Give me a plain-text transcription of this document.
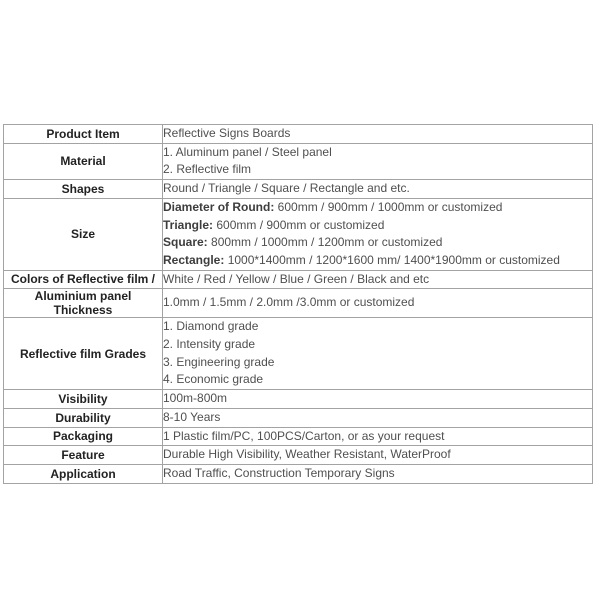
Product Item	Reflective Signs Boards

Material	1. Aluminum panel / Steel panel
2. Reflective film

Shapes	Round / Triangle / Square / Rectangle and etc.

Size	Diameter of Round: 600mm / 900mm / 1000mm or customized
Triangle: 600mm / 900mm or customized
Square: 800mm / 1000mm / 1200mm or customized
Rectangle: 1000*1400mm / 1200*1600 mm/ 1400*1900mm or customized

Colors of Reflective film /	White / Red / Yellow / Blue / Green / Black and etc

Aluminium panel Thickness	1.0mm / 1.5mm / 2.0mm /3.0mm or customized

Reflective film Grades	1. Diamond grade
2. Intensity grade
3. Engineering grade
4. Economic grade

Visibility	100m-800m

Durability	8-10 Years

Packaging	1 Plastic film/PC, 100PCS/Carton, or as your request

Feature	Durable High Visibility, Weather Resistant, WaterProof

Application	Road Traffic, Construction Temporary Signs
